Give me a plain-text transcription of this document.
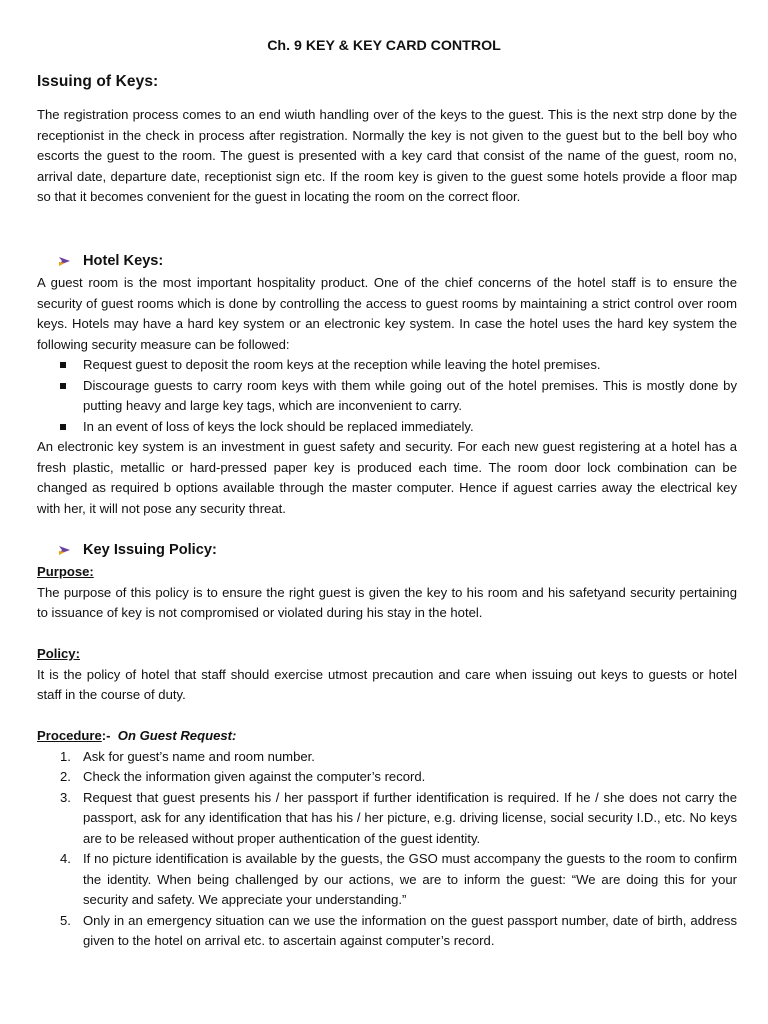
Ch. 9 KEY & KEY CARD CONTROL
Issuing of Keys:

The registration process comes to an end wiuth handling over of the keys to the guest. This is the next strp done by the receptionist in the check in process after registration. Normally the key is not given to the guest but to the bell boy who escorts the guest to the room. The guest is presented with a key card that consist of the name of the guest, room no, arrival date, departure date, receptionist sign etc. If the room key is given to the guest some hotels provide a floor map so that it becomes convenient for the guest in locating the room on the correct floor.

Hotel Keys:

A guest room is the most important hospitality product. One of the chief concerns of the hotel staff is to ensure the security of guest rooms which is done by controlling the access to guest rooms by maintaining a strict control over room keys. Hotels may have a hard key system or an electronic key system. In case the hotel uses the hard key system the following security measure can be followed:

Request guest to deposit the room keys at the reception while leaving the hotel premises.
Discourage guests to carry room keys with them while going out of the hotel premises. This is mostly done by putting heavy and large key tags, which are inconvenient to carry.
In an event of loss of keys the lock should be replaced immediately.

An electronic key system is an investment in guest safety and security. For each new guest registering at a hotel has a fresh plastic, metallic or hard-pressed paper key is produced each time. The room door lock combination can be changed as required b options available through the master computer. Hence if aguest carries away the electrical key with her, it will not pose any security threat.

Key Issuing Policy:

Purpose:

The purpose of this policy is to ensure the right guest is given the key to his room and his safetyand security pertaining to issuance of key is not compromised or violated during his stay in the hotel.

Policy:

It is the policy of hotel that staff should exercise utmost precaution and care when issuing out keys to guests or hotel staff in the course of duty.

Procedure:- On Guest Request:

1. Ask for guest’s name and room number.
2. Check the information given against the computer’s record.
3. Request that guest presents his / her passport if further identification is required. If he / she does not carry the passport, ask for any identification that has his / her picture, e.g. driving license, social security I.D., etc. No keys are to be released without proper authentication of the guest identity.
4. If no picture identification is available by the guests, the GSO must accompany the guests to the room to confirm the identity. When being challenged by our actions, we are to inform the guest: “We are doing this for your security and safety. We appreciate your understanding.”
5. Only in an emergency situation can we use the information on the guest passport number, date of birth, address given to the hotel on arrival etc. to ascertain against computer’s record.
